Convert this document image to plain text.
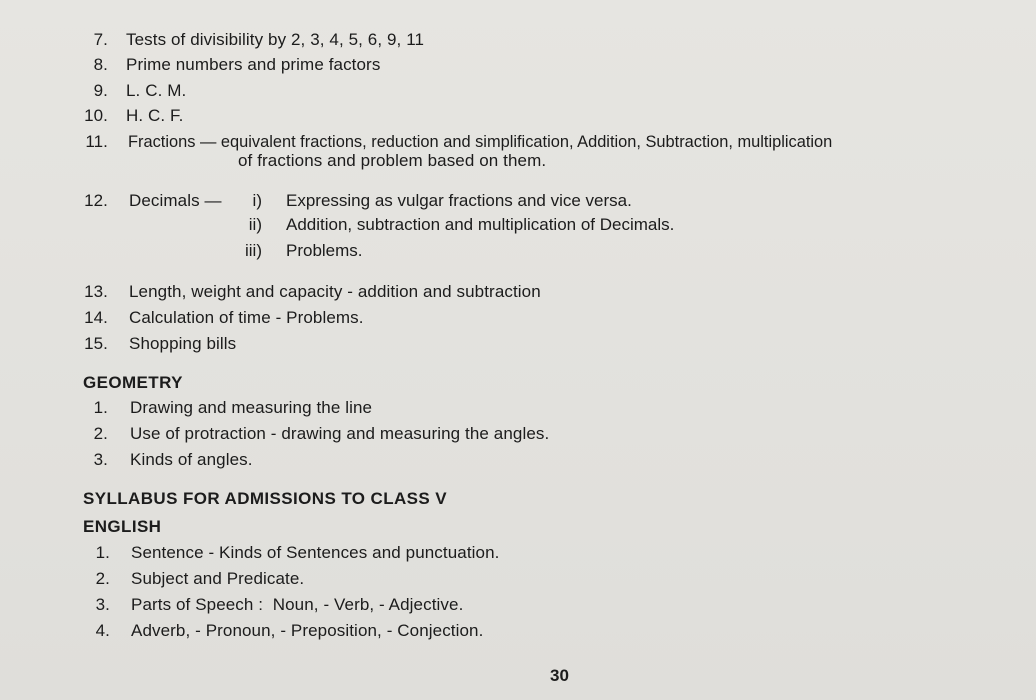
7. Tests of divisibility by 2, 3, 4, 5, 6, 9, 11
8. Prime numbers and prime factors
9. L. C. M.
10. H. C. F.
11. Fractions — equivalent fractions, reduction and simplification, Addition, Subtraction, multiplication
of fractions and problem based on them.
12. Decimals —	i) Expressing as vulgar fractions and vice versa.
ii) Addition, subtraction and multiplication of Decimals.
iii) Problems.
13. Length, weight and capacity - addition and subtraction
14. Calculation of time - Problems.
15. Shopping bills
GEOMETRY
1. Drawing and measuring the line
2. Use of protraction - drawing and measuring the angles.
3. Kinds of angles.
SYLLABUS FOR ADMISSIONS TO CLASS V
ENGLISH
1. Sentence - Kinds of Sentences and punctuation.
2. Subject and Predicate.
3. Parts of Speech :  Noun, - Verb, - Adjective.
4. Adverb, - Pronoun, - Preposition, - Conjection.
30
